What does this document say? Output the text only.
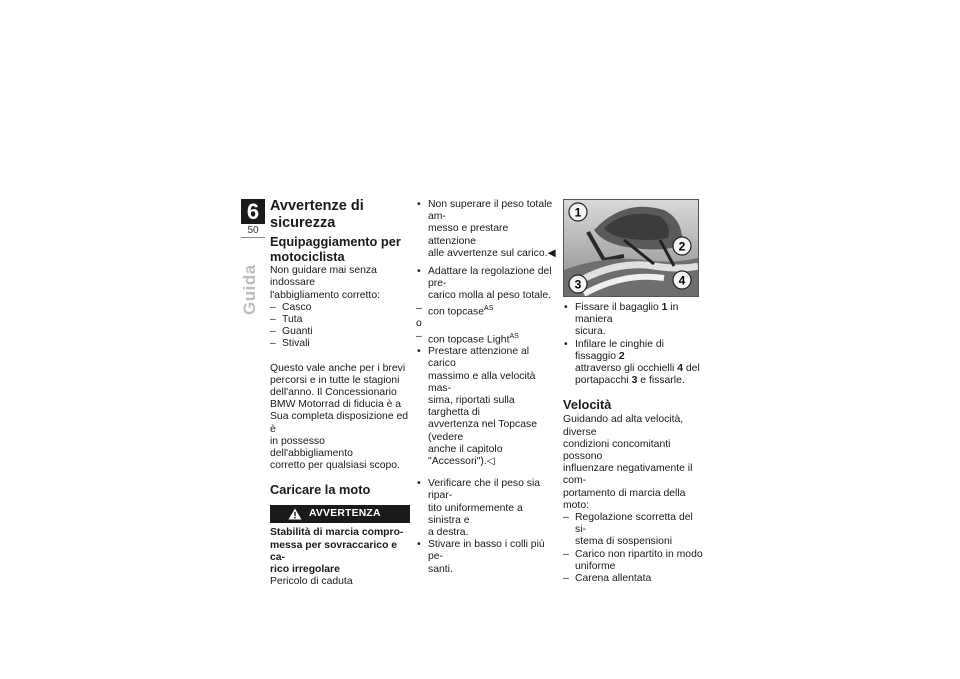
6
50
Guida
Avvertenze di sicurezza
Equipaggiamento per
motociclista

Non guidare mai senza indossare

l'abbigliamento corretto:

– Casco

– Tuta

– Guanti

– Stivali

Questo vale anche per i brevi

percorsi e in tutte le stagioni

dell'anno. Il Concessionario

BMW Motorrad di fiducia è a

Sua completa disposizione ed è

in possesso dell'abbigliamento

corretto per qualsiasi scopo.

Caricare la moto
AVVERTENZA

Stabilità di marcia compro-

messa per sovraccarico e ca-

rico irregolare

Pericolo di caduta

• Non superare il peso totale am-

messo e prestare attenzione

alle avvertenze sul carico.◀

• Adattare la regolazione del pre-

carico molla al peso totale.

– con topcase$^{AS}$

o

– con topcase Light$^{AS}$

• Prestare attenzione al carico

massimo e alla velocità mas-

sima, riportati sulla targhetta di

avvertenza nel Topcase (vedere

anche il capitolo "Accessori").◁

• Verificare che il peso sia ripar-

tito uniformemente a sinistra e

a destra.

• Stivare in basso i colli più pe-

santi.

1
2
3	4

• Fissare il bagaglio 1 in maniera

sicura.

• Infilare le cinghie di fissaggio 2

attraverso gli occhielli 4 del

portapacchi 3 e fissarle.

Velocità

Guidando ad alta velocità, diverse

condizioni concomitanti possono

influenzare negativamente il com-

portamento di marcia della moto:

– Regolazione scorretta del si-

stema di sospensioni

– Carico non ripartito in modo

uniforme

– Carena allentata
